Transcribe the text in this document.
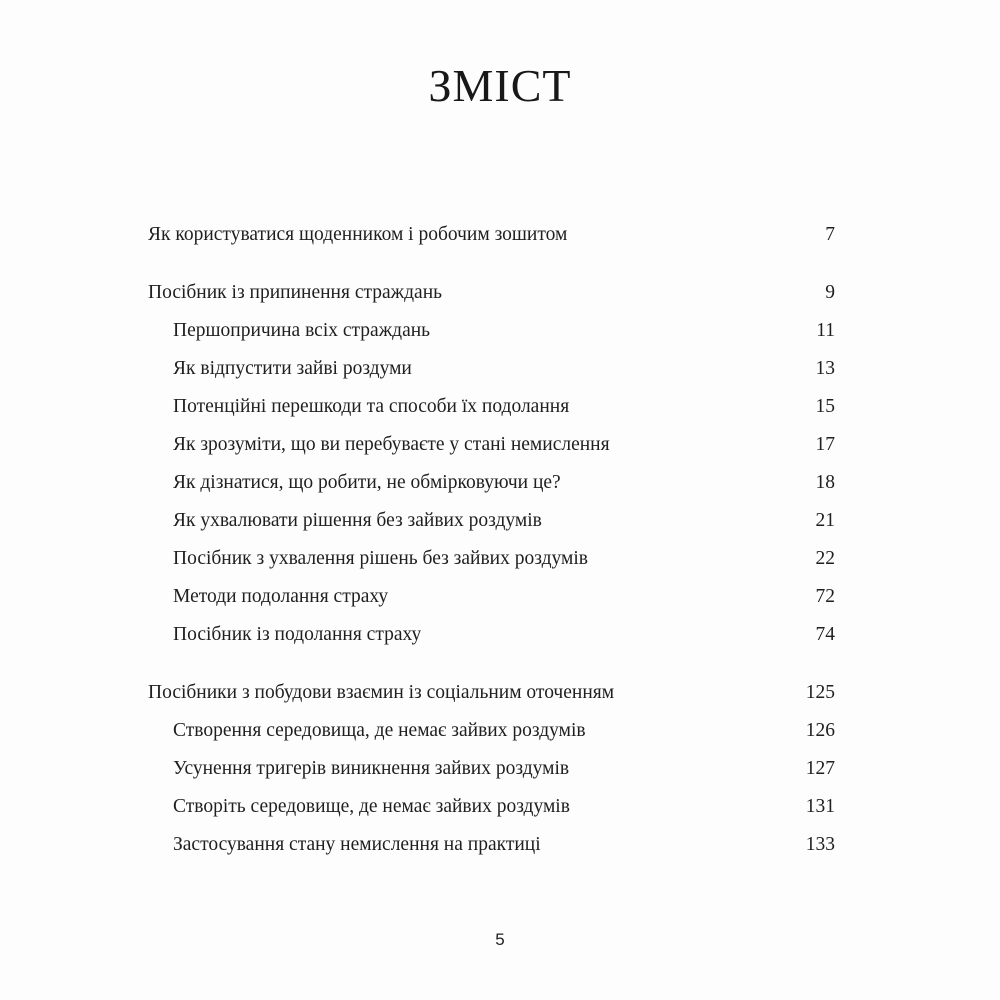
ЗМІСТ
Як користуватися щоденником і робочим зошитом	7
Посібник із припинення страждань	9
Першопричина всіх страждань	11
Як відпустити зайві роздуми	13
Потенційні перешкоди та способи їх подолання	15
Як зрозуміти, що ви перебуваєте у стані немислення	17
Як дізнатися, що робити, не обмірковуючи це?	18
Як ухвалювати рішення без зайвих роздумів	21
Посібник з ухвалення рішень без зайвих роздумів	22
Методи подолання страху	72
Посібник із подолання страху	74
Посібники з побудови взаємин із соціальним оточенням	125
Створення середовища, де немає зайвих роздумів	126
Усунення тригерів виникнення зайвих роздумів	127
Створіть середовище, де немає зайвих роздумів	131
Застосування стану немислення на практиці	133
5
